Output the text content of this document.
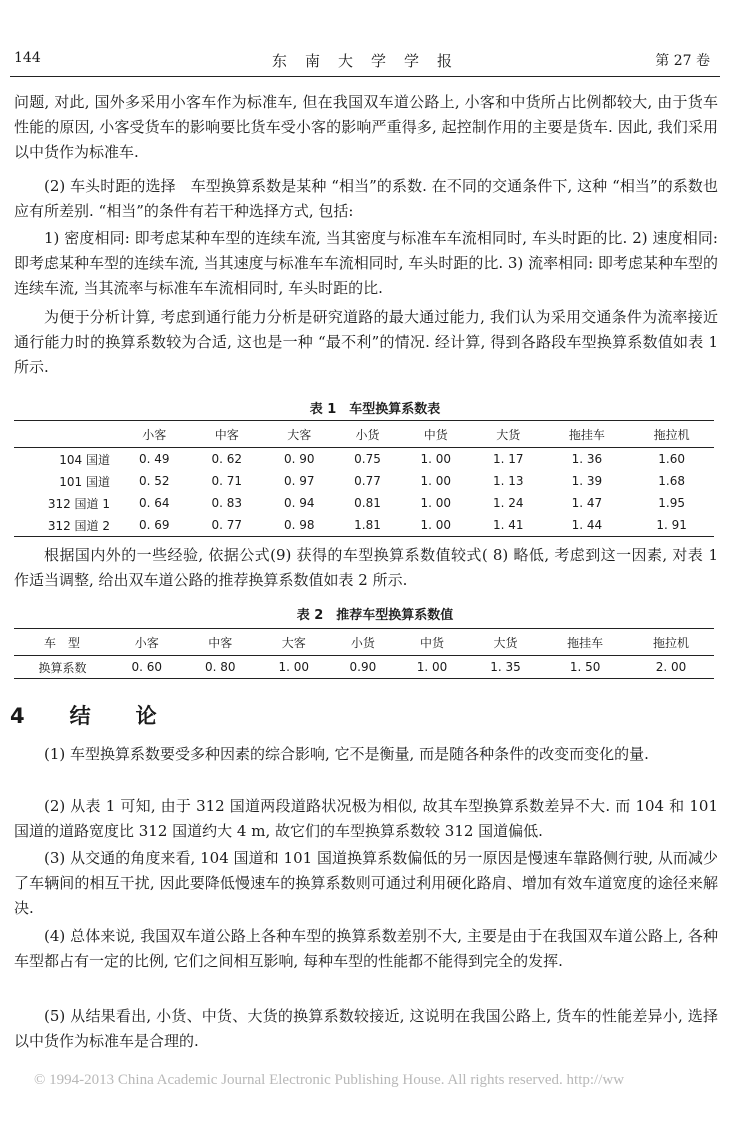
144	东南大学学报	第 27 卷
问题, 对此, 国外多采用小客车作为标准车, 但在我国双车道公路上, 小客和中货所占比例都较大, 由于货车性能的原因, 小客受货车的影响要比货车受小客的影响严重得多, 起控制作用的主要是货车. 因此, 我们采用以中货作为标准车.
(2) 车头时距的选择　车型换算系数是某种 “相当”的系数. 在不同的交通条件下, 这种 “相当”的系数也应有所差别. “相当”的条件有若干种选择方式, 包括:
1) 密度相同: 即考虑某种车型的连续车流, 当其密度与标准车车流相同时, 车头时距的比. 2) 速度相同: 即考虑某种车型的连续车流, 当其速度与标准车车流相同时, 车头时距的比. 3) 流率相同: 即考虑某种车型的连续车流, 当其流率与标准车车流相同时, 车头时距的比.
为便于分析计算, 考虑到通行能力分析是研究道路的最大通过能力, 我们认为采用交通条件为流率接近通行能力时的换算系数较为合适, 这也是一种 “最不利”的情况. 经计算, 得到各路段车型换算系数值如表 1 所示.
表 1　车型换算系数表
	小客	中客	大客	小货	中货	大货	拖挂车	拖拉机
104 国道	0. 49	0. 62	0. 90	0.75	1. 00	1. 17	1. 36	1.60
101 国道	0. 52	0. 71	0. 97	0.77	1. 00	1. 13	1. 39	1.68
312 国道 1	0. 64	0. 83	0. 94	0.81	1. 00	1. 24	1. 47	1.95
312 国道 2	0. 69	0. 77	0. 98	1.81	1. 00	1. 41	1. 44	1. 91
根据国内外的一些经验, 依据公式(9) 获得的车型换算系数值较式( 8) 略低, 考虑到这一因素, 对表 1 作适当调整, 给出双车道公路的推荐换算系数值如表 2 所示.
表 2　推荐车型换算系数值
车　型	小客	中客	大客	小货	中货	大货	拖挂车	拖拉机
换算系数	0. 60	0. 80	1. 00	0.90	1. 00	1. 35	1. 50	2. 00
4　结　论
(1) 车型换算系数要受多种因素的综合影响, 它不是衡量, 而是随各种条件的改变而变化的量.
(2) 从表 1 可知, 由于 312 国道两段道路状况极为相似, 故其车型换算系数差异不大. 而 104 和 101 国道的道路宽度比 312 国道约大 4 m, 故它们的车型换算系数较 312 国道偏低.
(3) 从交通的角度来看, 104 国道和 101 国道换算系数偏低的另一原因是慢速车靠路侧行驶, 从而减少了车辆间的相互干扰, 因此要降低慢速车的换算系数则可通过利用硬化路肩、增加有效车道宽度的途径来解决.
(4) 总体来说, 我国双车道公路上各种车型的换算系数差别不大, 主要是由于在我国双车道公路上, 各种车型都占有一定的比例, 它们之间相互影响, 每种车型的性能都不能得到完全的发挥.
(5) 从结果看出, 小货、中货、大货的换算系数较接近, 这说明在我国公路上, 货车的性能差异小, 选择以中货作为标准车是合理的.
© 1994-2013 China Academic Journal Electronic Publishing House. All rights reserved. http://ww
